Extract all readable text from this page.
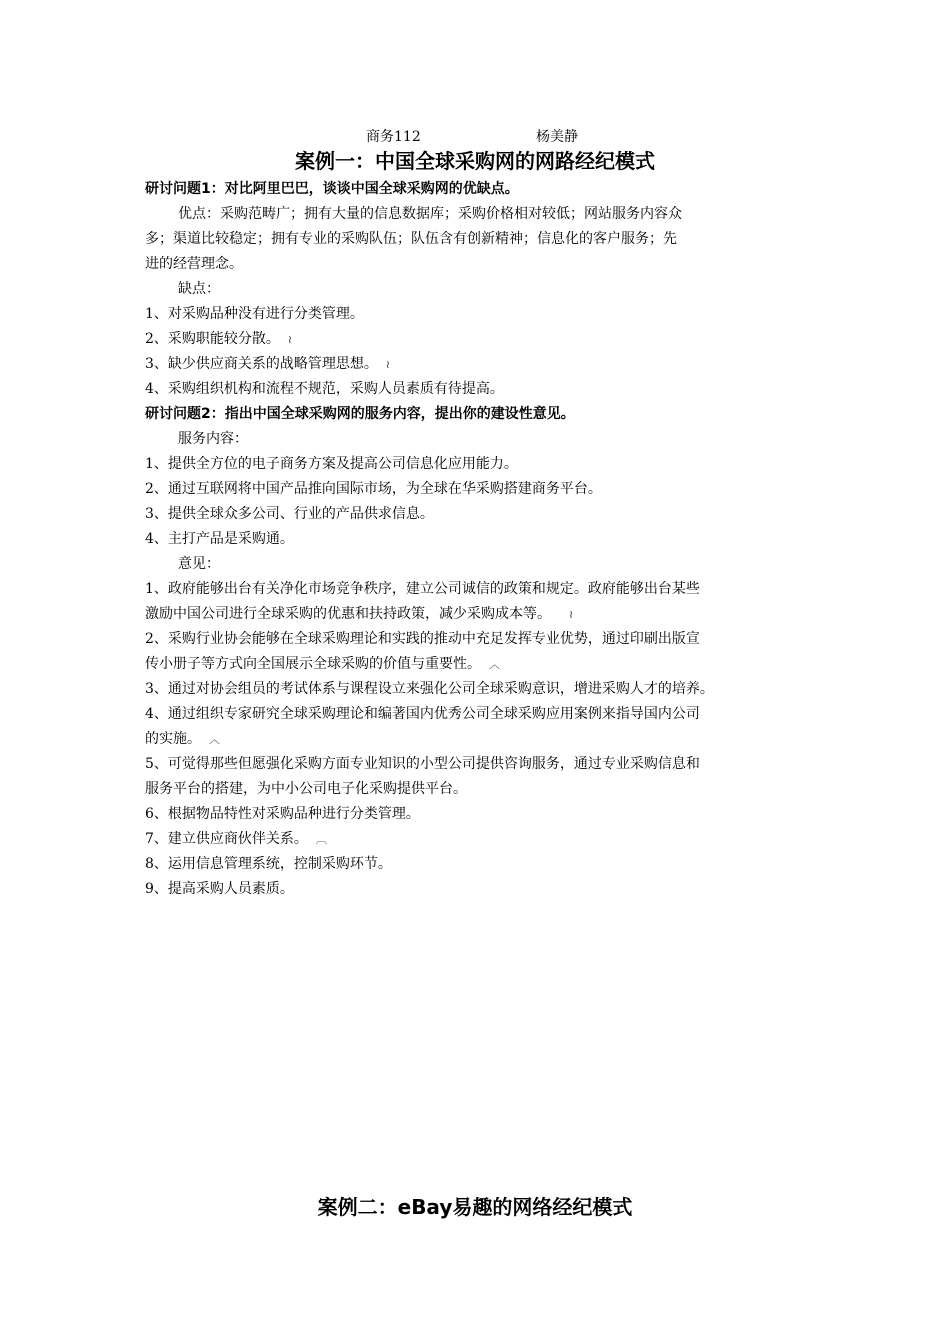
商务112	杨美静
案例一：中国全球采购网的网路经纪模式
研讨问题1：对比阿里巴巴，谈谈中国全球采购网的优缺点。
优点：采购范畴广；拥有大量的信息数据库；采购价格相对较低；网站服务内容众
多；渠道比较稳定；拥有专业的采购队伍；队伍含有创新精神；信息化的客户服务；先
进的经营理念。
缺点：
1、对采购品种没有进行分类管理。
2、采购职能较分散。 ≀
3、缺少供应商关系的战略管理思想。 ≀
4、采购组织机构和流程不规范，采购人员素质有待提高。
研讨问题2：指出中国全球采购网的服务内容，提出你的建设性意见。
服务内容：
1、提供全方位的电子商务方案及提高公司信息化应用能力。
2、通过互联网将中国产品推向国际市场，为全球在华采购搭建商务平台。
3、提供全球众多公司、行业的产品供求信息。
4、主打产品是采购通。
意见：
1、政府能够出台有关净化市场竞争秩序，建立公司诚信的政策和规定。政府能够出台某些
激励中国公司进行全球采购的优惠和扶持政策，减少采购成本等。 ≀
2、采购行业协会能够在全球采购理论和实践的推动中充足发挥专业优势，通过印刷出版宣
传小册子等方式向全国展示全球采购的价值与重要性。 ︿
3、通过对协会组员的考试体系与课程设立来强化公司全球采购意识，增进采购人才的培养。
4、通过组织专家研究全球采购理论和编著国内优秀公司全球采购应用案例来指导国内公司
的实施。 ︿
5、可觉得那些但愿强化采购方面专业知识的小型公司提供咨询服务，通过专业采购信息和
服务平台的搭建，为中小公司电子化采购提供平台。
6、根据物品特性对采购品种进行分类管理。
7、建立供应商伙伴关系。 ︹
8、运用信息管理系统，控制采购环节。
9、提高采购人员素质。
案例二：eBay易趣的网络经纪模式
